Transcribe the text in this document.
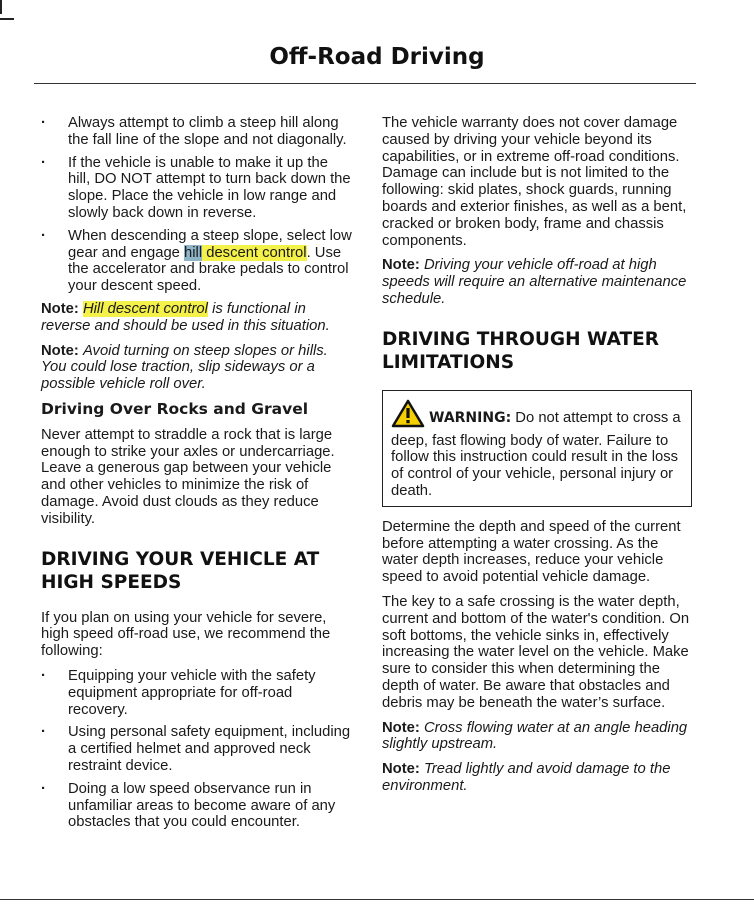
Off-Road Driving
· Always attempt to climb a steep hill along the fall line of the slope and not diagonally.
· If the vehicle is unable to make it up the hill, DO NOT attempt to turn back down the slope. Place the vehicle in low range and slowly back down in reverse.
· When descending a steep slope, select low gear and engage hill descent control. Use the accelerator and brake pedals to control your descent speed.

Note: Hill descent control is functional in reverse and should be used in this situation.

Note: Avoid turning on steep slopes or hills. You could lose traction, slip sideways or a possible vehicle roll over.

Driving Over Rocks and Gravel

Never attempt to straddle a rock that is large enough to strike your axles or undercarriage. Leave a generous gap between your vehicle and other vehicles to minimize the risk of damage. Avoid dust clouds as they reduce visibility.

DRIVING YOUR VEHICLE AT HIGH SPEEDS

If you plan on using your vehicle for severe, high speed off-road use, we recommend the following:

· Equipping your vehicle with the safety equipment appropriate for off-road recovery.
· Using personal safety equipment, including a certified helmet and approved neck restraint device.
· Doing a low speed observance run in unfamiliar areas to become aware of any obstacles that you could encounter.

The vehicle warranty does not cover damage caused by driving your vehicle beyond its capabilities, or in extreme off-road conditions. Damage can include but is not limited to the following: skid plates, shock guards, running boards and exterior finishes, as well as a bent, cracked or broken body, frame and chassis components.

Note: Driving your vehicle off-road at high speeds will require an alternative maintenance schedule.

DRIVING THROUGH WATER LIMITATIONS
WARNING: Do not attempt to cross a deep, fast flowing body of water. Failure to follow this instruction could result in the loss of control of your vehicle, personal injury or death.

Determine the depth and speed of the current before attempting a water crossing. As the water depth increases, reduce your vehicle speed to avoid potential vehicle damage.

The key to a safe crossing is the water depth, current and bottom of the water's condition. On soft bottoms, the vehicle sinks in, effectively increasing the water level on the vehicle. Make sure to consider this when determining the depth of water. Be aware that obstacles and debris may be beneath the water’s surface.

Note: Cross flowing water at an angle heading slightly upstream.

Note: Tread lightly and avoid damage to the environment.
